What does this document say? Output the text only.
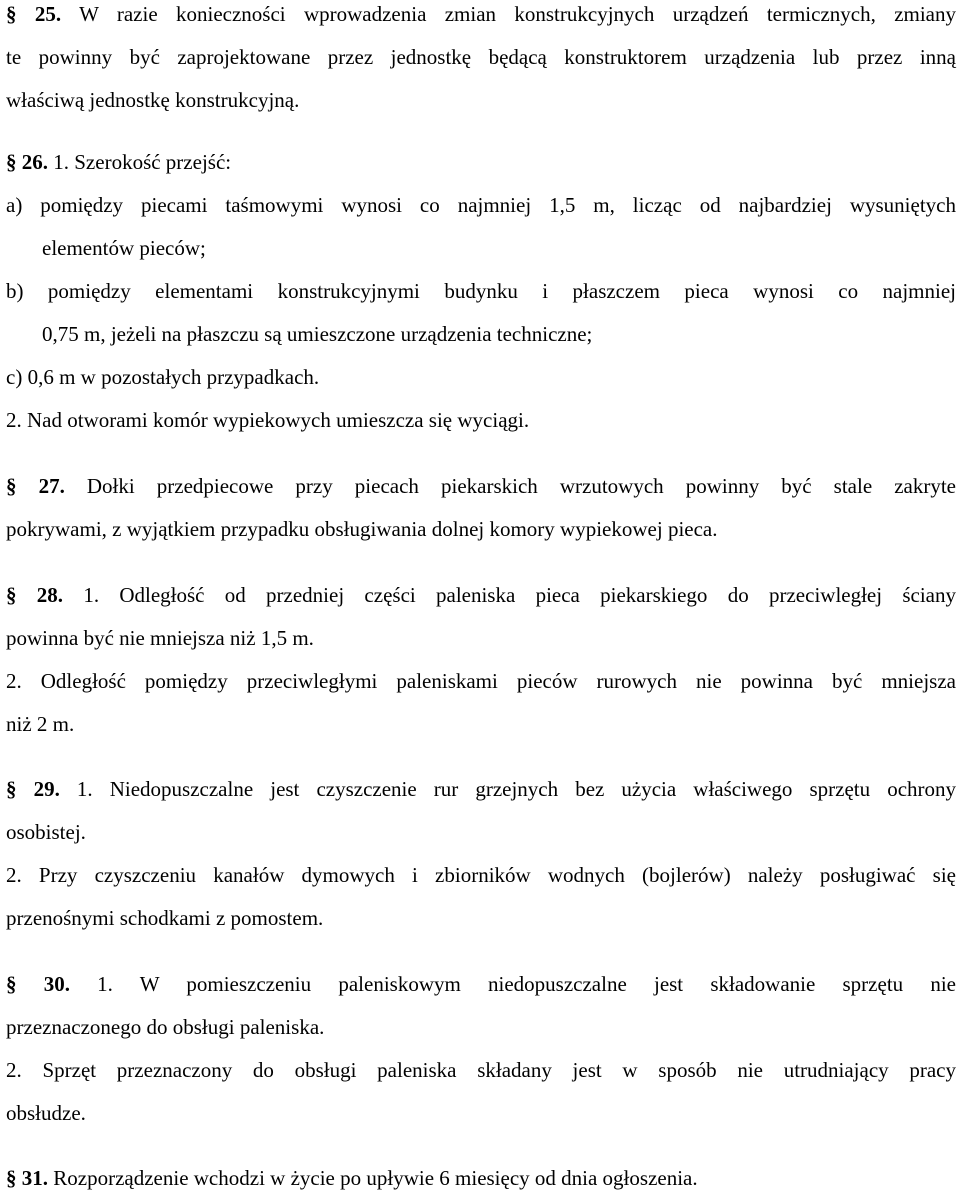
§ 25. W razie konieczności wprowadzenia zmian konstrukcyjnych urządzeń termicznych, zmiany
te powinny być zaprojektowane przez jednostkę będącą konstruktorem urządzenia lub przez inną
właściwą jednostkę konstrukcyjną.
§ 26. 1. Szerokość przejść:
a) pomiędzy piecami taśmowymi wynosi co najmniej 1,5 m, licząc od najbardziej wysuniętych
elementów pieców;
b) pomiędzy elementami konstrukcyjnymi budynku i płaszczem pieca wynosi co najmniej
0,75 m, jeżeli na płaszczu są umieszczone urządzenia techniczne;
c) 0,6 m w pozostałych przypadkach.
2. Nad otworami komór wypiekowych umieszcza się wyciągi.
§ 27. Dołki przedpiecowe przy piecach piekarskich wrzutowych powinny być stale zakryte
pokrywami, z wyjątkiem przypadku obsługiwania dolnej komory wypiekowej pieca.
§ 28. 1. Odległość od przedniej części paleniska pieca piekarskiego do przeciwległej ściany
powinna być nie mniejsza niż 1,5 m.
2. Odległość pomiędzy przeciwległymi paleniskami pieców rurowych nie powinna być mniejsza
niż 2 m.
§ 29. 1. Niedopuszczalne jest czyszczenie rur grzejnych bez użycia właściwego sprzętu ochrony
osobistej.
2. Przy czyszczeniu kanałów dymowych i zbiorników wodnych (bojlerów) należy posługiwać się
przenośnymi schodkami z pomostem.
§ 30. 1. W pomieszczeniu paleniskowym niedopuszczalne jest składowanie sprzętu nie
przeznaczonego do obsługi paleniska.
2. Sprzęt przeznaczony do obsługi paleniska składany jest w sposób nie utrudniający pracy
obsłudze.
§ 31. Rozporządzenie wchodzi w życie po upływie 6 miesięcy od dnia ogłoszenia.
